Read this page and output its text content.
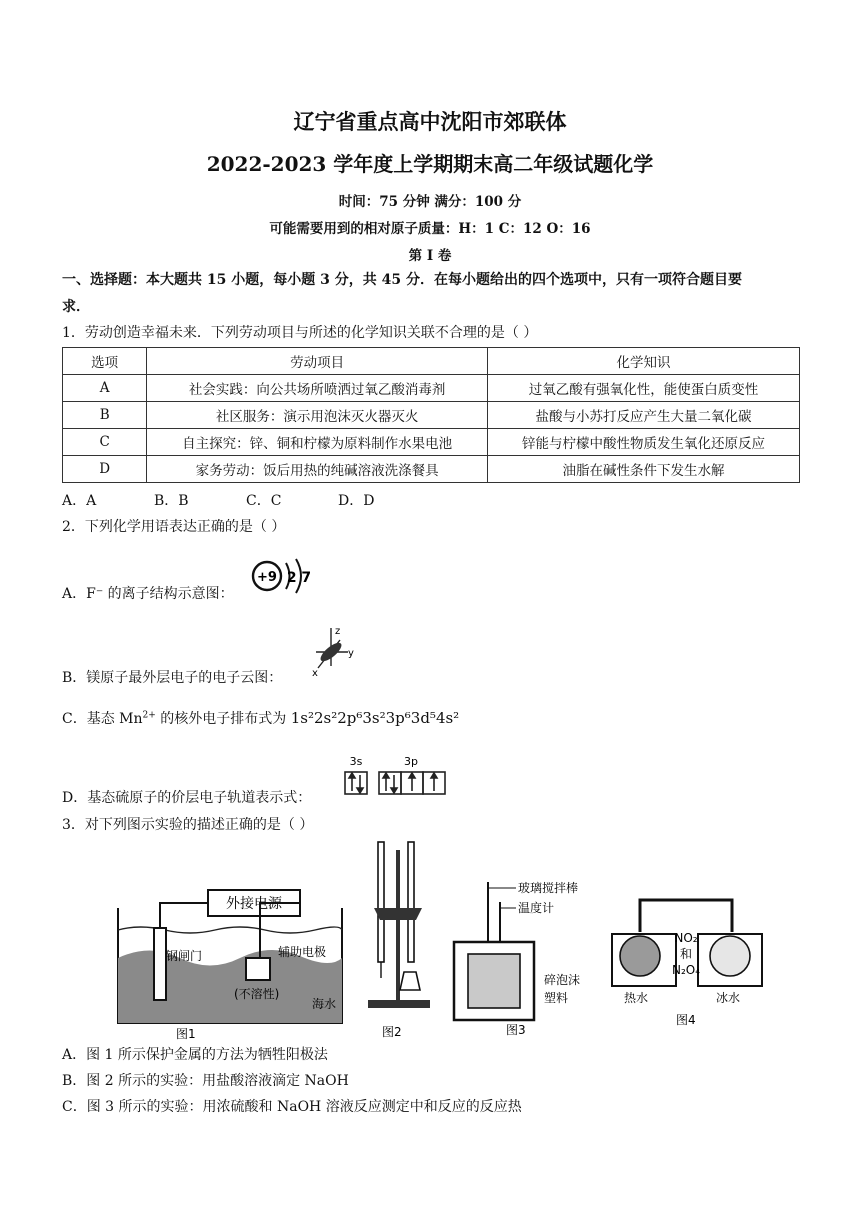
辽宁省重点高中沈阳市郊联体
2022-2023 学年度上学期期末高二年级试题化学
时间：75 分钟 满分：100 分
可能需要用到的相对原子质量：H：1 C：12 O：16
第 I 卷
一、选择题：本大题共 15 小题，每小题 3 分，共 45 分．在每小题给出的四个选项中，只有一项符合题目要
求．
1．劳动创造幸福未来．下列劳动项目与所述的化学知识关联不合理的是（ ）
选项	劳动项目	化学知识
A	社会实践：向公共场所喷洒过氧乙酸消毒剂	过氧乙酸有强氧化性，能使蛋白质变性
B	社区服务：演示用泡沫灭火器灭火	盐酸与小苏打反应产生大量二氧化碳
C	自主探究：锌、铜和柠檬为原料制作水果电池	锌能与柠檬中酸性物质发生氧化还原反应
D	家务劳动：饭后用热的纯碱溶液洗涤餐具	油脂在碱性条件下发生水解
A．A	B．B	C．C	D．D
2．下列化学用语表达正确的是（ ）
A．F⁻ 的离子结构示意图：
+9 2 7
B．镁原子最外层电子的电子云图：
z
y
x
C．基态 $Mn^{2+}$ 的核外电子排布式为 1s²2s²2p⁶3s²3p⁶3d⁵4s²
D．基态硫原子的价层电子轨道表示式：
3s	3p
3．对下列图示实验的描述正确的是（ ）
外接电源
钢闸门	辅助电极
(不溶性)
海水
图1	图2
玻璃搅拌棒
温度计
碎泡沫
塑料
图3
NO₂
和
N₂O₄
热水	冰水
图4
A．图 1 所示保护金属的方法为牺牲阳极法
B．图 2 所示的实验：用盐酸溶液滴定 NaOH
C．图 3 所示的实验：用浓硫酸和 NaOH 溶液反应测定中和反应的反应热
